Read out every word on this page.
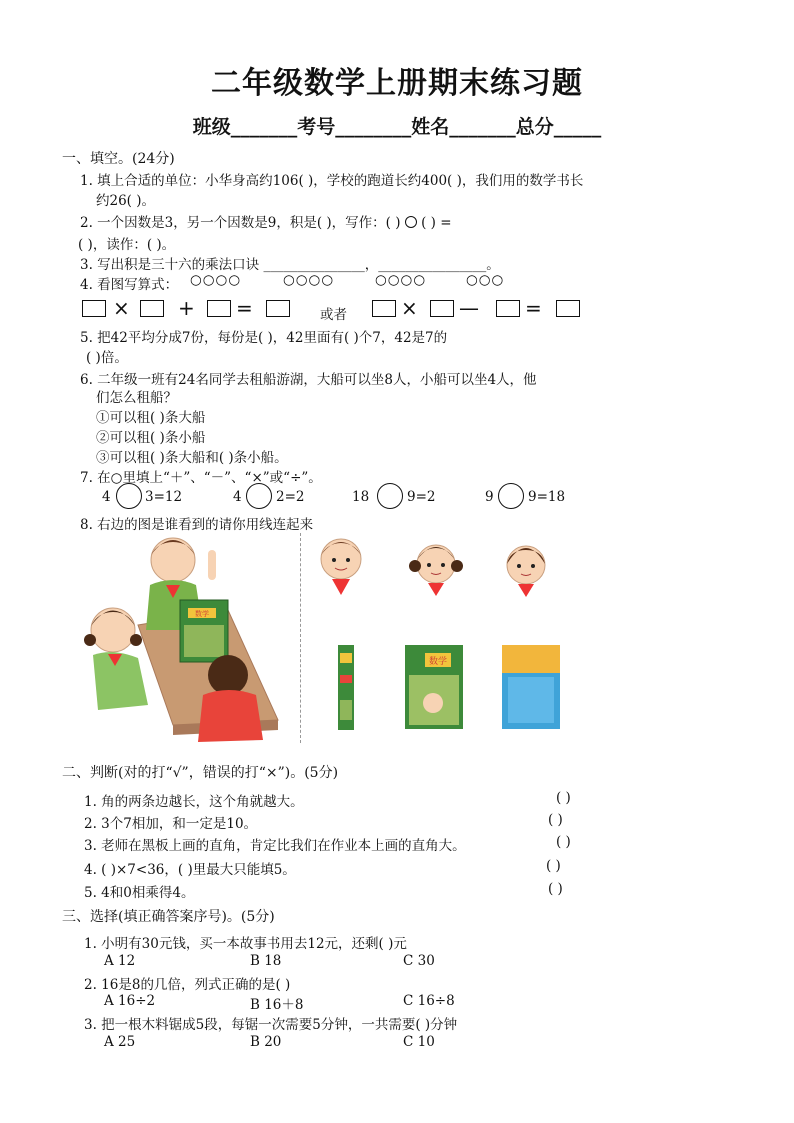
二年级数学上册期末练习题
班级_______考号________姓名_______总分_____
一、填空。(24分)
1. 填上合适的单位：小华身高约106( )，学校的跑道长约400( )，我们用的数学书长
约26( )。
2. 一个因数是3，另一个因数是9，积是( )，写作：( ) ( ) =
( )，读作：( )。
3. 写出积是三十六的乘法口诀 _______________，________________。
4. 看图写算式： ○○○○	○○○○	○○○○	○○○
× + =	或者	× — =
5. 把42平均分成7份，每份是( )，42里面有( )个7，42是7的
( )倍。
6. 二年级一班有24名同学去租船游湖，大船可以坐8人，小船可以坐4人，他
们怎么租船？
①可以租( )条大船
②可以租( )条小船
③可以租( )条大船和( )条小船。
7. 在○里填上“＋”、“－”、“×”或“÷”。
4	3=12	4	2=2	18	9=2	9	9=18
8. 右边的图是谁看到的请你用线连起来
数学
数学
二、判断(对的打“√”，错误的打“×”)。(5分)
1. 角的两条边越长，这个角就越大。	( )
2. 3个7相加，和一定是10。	( )
3. 老师在黑板上画的直角，肯定比我们在作业本上画的直角大。	( )
4. ( )×7<36，( )里最大只能填5。	( )
5. 4和0相乘得4。	( )
三、选择(填正确答案序号)。(5分)
1. 小明有30元钱，买一本故事书用去12元，还剩( )元
A 12	B 18	C 30
2. 16是8的几倍，列式正确的是( )
A 16÷2	B 16＋8	C 16÷8
3. 把一根木料锯成5段，每锯一次需要5分钟，一共需要( )分钟
A 25	B 20	C 10
